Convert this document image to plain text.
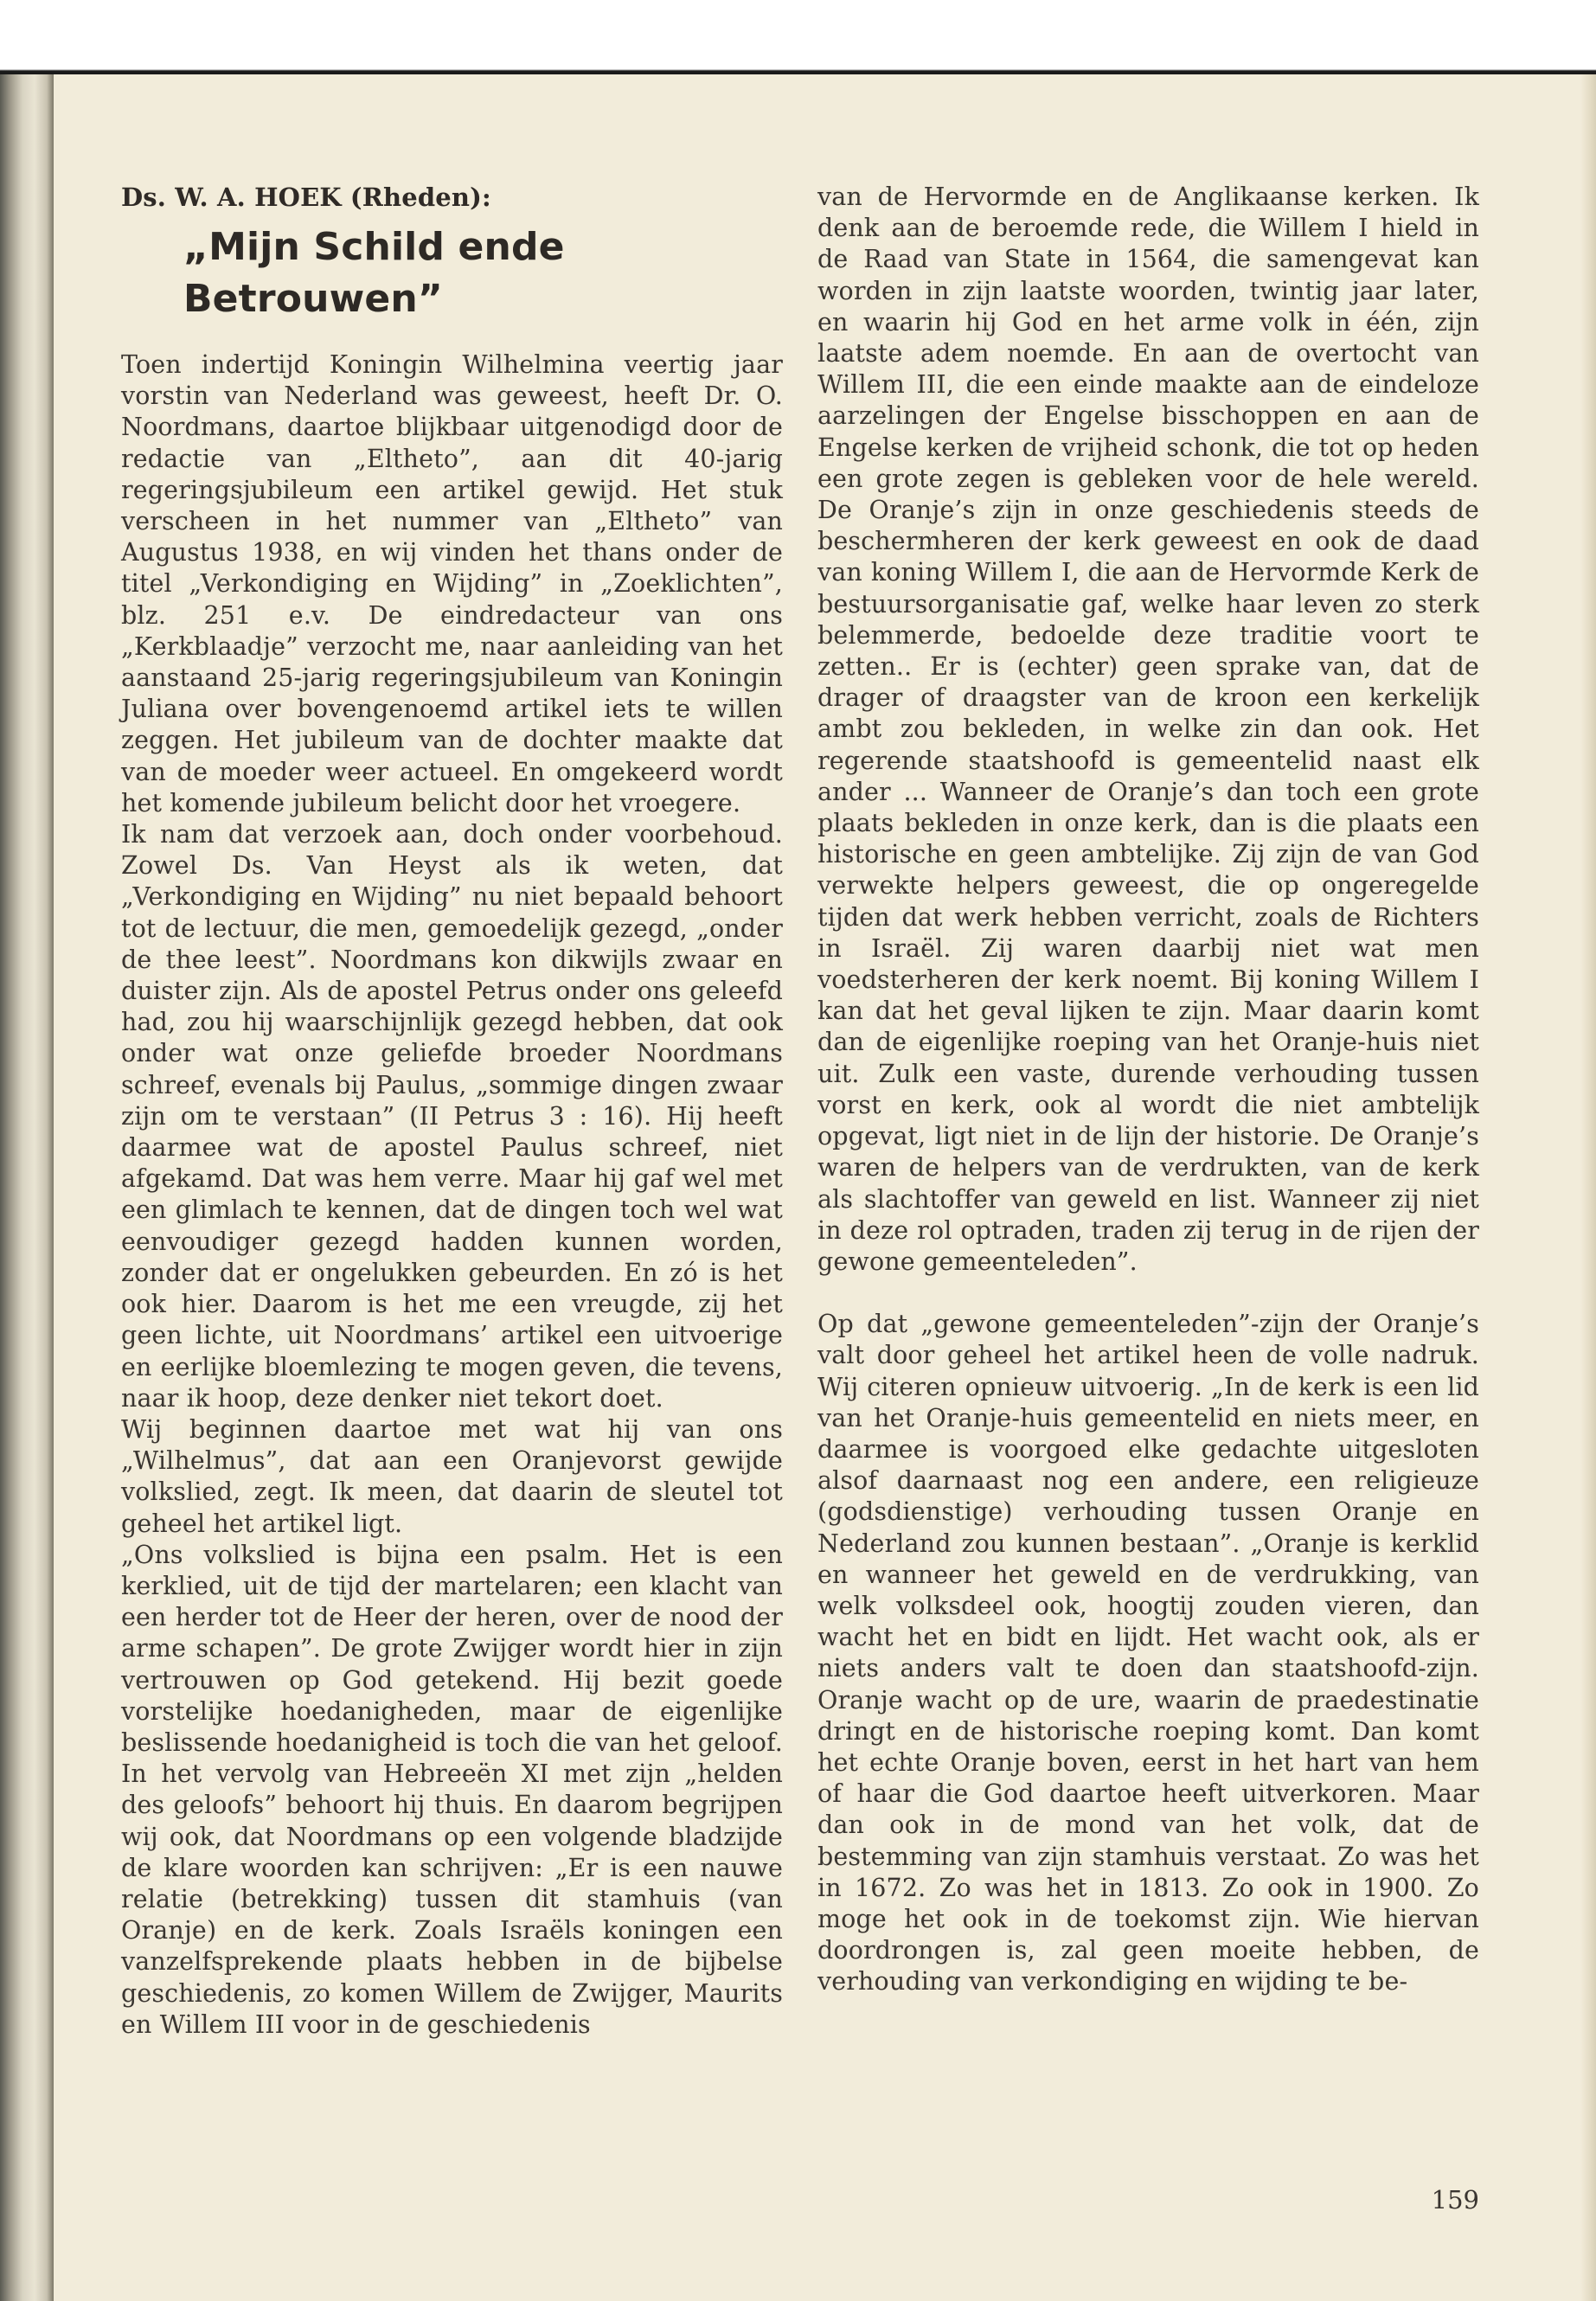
Ds. W. A. HOEK (Rheden):
„Mijn Schild ende Betrouwen”

Toen indertijd Koningin Wilhelmina veertig jaar vorstin van Nederland was geweest, heeft Dr. O. Noordmans, daartoe blijkbaar uitgenodigd door de redactie van „Eltheto”, aan dit 40-jarig regeringsjubileum een artikel gewijd. Het stuk verscheen in het nummer van „Eltheto” van Augustus 1938, en wij vinden het thans onder de titel „Verkondiging en Wijding” in „Zoeklichten”, blz. 251 e.v. De eindredacteur van ons „Kerkblaadje” verzocht me, naar aanleiding van het aanstaand 25-jarig regeringsjubileum van Koningin Juliana over bovengenoemd artikel iets te willen zeggen. Het jubileum van de dochter maakte dat van de moeder weer actueel. En omgekeerd wordt het komende jubileum belicht door het vroegere.

Ik nam dat verzoek aan, doch onder voorbehoud. Zowel Ds. Van Heyst als ik weten, dat „Verkondiging en Wijding” nu niet bepaald behoort tot de lectuur, die men, gemoedelijk gezegd, „onder de thee leest”. Noordmans kon dikwijls zwaar en duister zijn. Als de apostel Petrus onder ons geleefd had, zou hij waarschijnlijk gezegd hebben, dat ook onder wat onze geliefde broeder Noordmans schreef, evenals bij Paulus, „sommige dingen zwaar zijn om te verstaan” (II Petrus 3 : 16). Hij heeft daarmee wat de apostel Paulus schreef, niet afgekamd. Dat was hem verre. Maar hij gaf wel met een glimlach te kennen, dat de dingen toch wel wat eenvoudiger gezegd hadden kunnen worden, zonder dat er ongelukken gebeurden. En zó is het ook hier. Daarom is het me een vreugde, zij het geen lichte, uit Noordmans’ artikel een uitvoerige en eerlijke bloemlezing te mogen geven, die tevens, naar ik hoop, deze denker niet tekort doet.

Wij beginnen daartoe met wat hij van ons „Wilhelmus”, dat aan een Oranjevorst gewijde volkslied, zegt. Ik meen, dat daarin de sleutel tot geheel het artikel ligt.

„Ons volkslied is bijna een psalm. Het is een kerklied, uit de tijd der martelaren; een klacht van een herder tot de Heer der heren, over de nood der arme schapen”. De grote Zwijger wordt hier in zijn vertrouwen op God getekend. Hij bezit goede vorstelijke hoedanigheden, maar de eigenlijke beslissende hoedanigheid is toch die van het geloof. In het vervolg van Hebreeën XI met zijn „helden des geloofs” behoort hij thuis. En daarom begrijpen wij ook, dat Noordmans op een volgende bladzijde de klare woorden kan schrijven: „Er is een nauwe relatie (betrekking) tussen dit stamhuis (van Oranje) en de kerk. Zoals Israëls koningen een vanzelfsprekende plaats hebben in de bijbelse geschiedenis, zo komen Willem de Zwijger, Maurits en Willem III voor in de geschiedenis

van de Hervormde en de Anglikaanse kerken. Ik denk aan de beroemde rede, die Willem I hield in de Raad van State in 1564, die samengevat kan worden in zijn laatste woorden, twintig jaar later, en waarin hij God en het arme volk in één, zijn laatste adem noemde. En aan de overtocht van Willem III, die een einde maakte aan de eindeloze aarzelingen der Engelse bisschoppen en aan de Engelse kerken de vrijheid schonk, die tot op heden een grote zegen is gebleken voor de hele wereld. De Oranje’s zijn in onze geschiedenis steeds de beschermheren der kerk geweest en ook de daad van koning Willem I, die aan de Hervormde Kerk de bestuursorganisatie gaf, welke haar leven zo sterk belemmerde, bedoelde deze traditie voort te zetten.. Er is (echter) geen sprake van, dat de drager of draagster van de kroon een kerkelijk ambt zou bekleden, in welke zin dan ook. Het regerende staatshoofd is gemeentelid naast elk ander ... Wanneer de Oranje’s dan toch een grote plaats bekleden in onze kerk, dan is die plaats een historische en geen ambtelijke. Zij zijn de van God verwekte helpers geweest, die op ongeregelde tijden dat werk hebben verricht, zoals de Richters in Israël. Zij waren daarbij niet wat men voedsterheren der kerk noemt. Bij koning Willem I kan dat het geval lijken te zijn. Maar daarin komt dan de eigenlijke roeping van het Oranje-huis niet uit. Zulk een vaste, durende verhouding tussen vorst en kerk, ook al wordt die niet ambtelijk opgevat, ligt niet in de lijn der historie. De Oranje’s waren de helpers van de verdrukten, van de kerk als slachtoffer van geweld en list. Wanneer zij niet in deze rol optraden, traden zij terug in de rijen der gewone gemeenteleden”.

Op dat „gewone gemeenteleden”-zijn der Oranje’s valt door geheel het artikel heen de volle nadruk. Wij citeren opnieuw uitvoerig. „In de kerk is een lid van het Oranje-huis gemeentelid en niets meer, en daarmee is voorgoed elke gedachte uitgesloten alsof daarnaast nog een andere, een religieuze (godsdienstige) verhouding tussen Oranje en Nederland zou kunnen bestaan”. „Oranje is kerklid en wanneer het geweld en de verdrukking, van welk volksdeel ook, hoogtij zouden vieren, dan wacht het en bidt en lijdt. Het wacht ook, als er niets anders valt te doen dan staatshoofd-zijn. Oranje wacht op de ure, waarin de praedestinatie dringt en de historische roeping komt. Dan komt het echte Oranje boven, eerst in het hart van hem of haar die God daartoe heeft uitverkoren. Maar dan ook in de mond van het volk, dat de bestemming van zijn stamhuis verstaat. Zo was het in 1672. Zo was het in 1813. Zo ook in 1900. Zo moge het ook in de toekomst zijn. Wie hiervan doordrongen is, zal geen moeite hebben, de verhouding van verkondiging en wijding te be-

159
